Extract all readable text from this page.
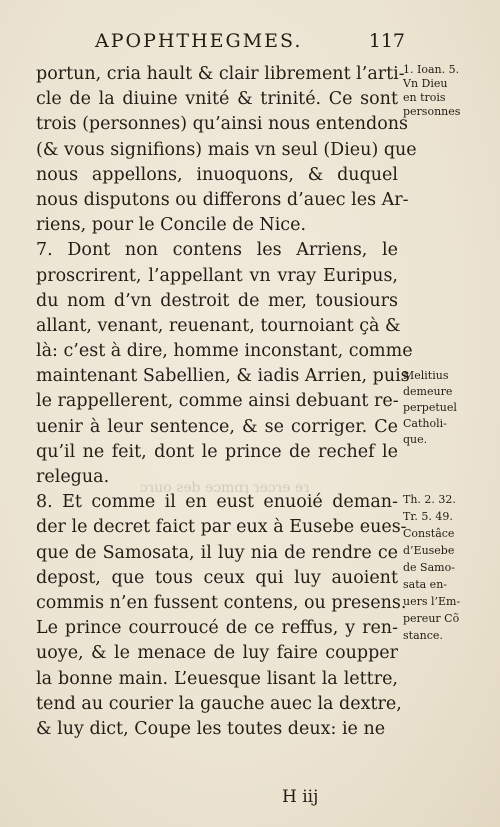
APOPHTHEGMES.	117
portun, cria hault & clair librement l’arti-
cle de la diuine vnité & trinité. Ce sont
trois (personnes) qu’ainsi nous entendons
(& vous signifions) mais vn seul (Dieu) que
nous appellons, inuoquons, & duquel
nous disputons ou differons d’auec les Ar-
riens, pour le Concile de Nice.
7. Dont non contens les Arriens, le
proscrirent, l’appellant vn vray Euripus,
du nom d’vn destroit de mer, tousiours
allant, venant, reuenant, tournoiant çà &
là: c’est à dire, homme inconstant, comme
maintenant Sabellien, & iadis Arrien, puis
le rappellerent, comme ainsi debuant re-
uenir à leur sentence, & se corriger. Ce
qu’il ne feit, dont le prince de rechef le
relegua.
8. Et comme il en eust enuoié deman-
der le decret faict par eux à Eusebe eues-
que de Samosata, il luy nia de rendre ce
depost, que tous ceux qui luy auoient
commis n’en fussent contens, ou presens.
Le prince courroucé de ce reffus, y ren-
uoye, & le menace de luy faire coupper
la bonne main. L’euesque lisant la lettre,
tend au courier la gauche auec la dextre,
& luy dict, Coupe les toutes deux: ie ne
1. Ioan. 5.
Vn Dieu
en trois
personnes
Melitius
demeure
perpetuel
Catholi-
que.
Th. 2. 32.
Tr. 5. 49.
Constâce
d’Eusebe
de Samo-
sata en-
uers l’Em-
pereur Cõ
stance.
H iij
ɔɿuo ƨɘb ɘɔmɑʇ ɿɘɔɿɘ ɘɿ
